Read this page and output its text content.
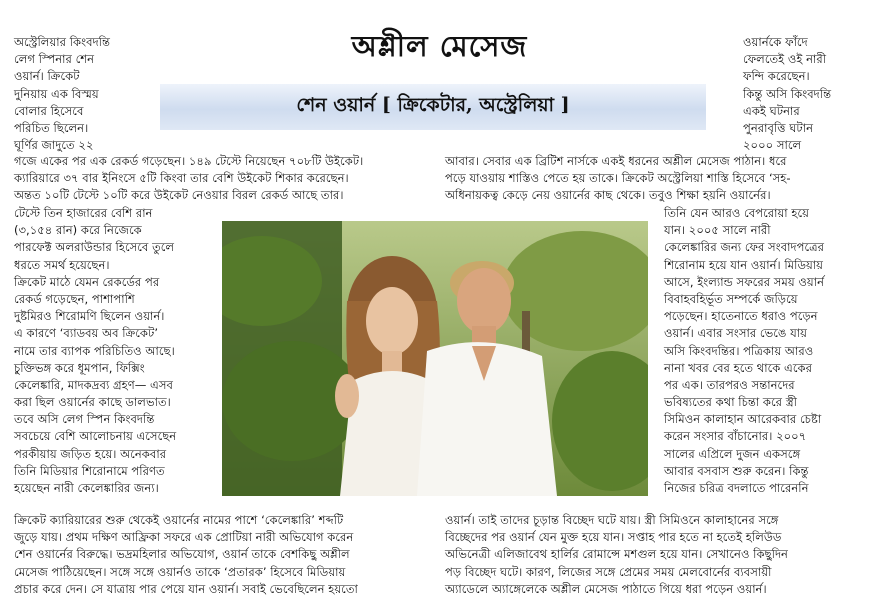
অশ্লীল মেসেজ
শেন ওয়ার্ন [ ক্রিকেটার, অস্ট্রেলিয়া ]
অস্ট্রেলিয়ার কিংবদন্তি
লেগ স্পিনার শেন
ওয়ার্ন। ক্রিকেট
দুনিয়ায় এক বিস্ময়
বোলার হিসেবে
পরিচিত ছিলেন।
ঘূর্ণির জাদুতে ২২
ওয়ার্নকে ফাঁদে
ফেলতেই ওই নারী
ফন্দি করেছেন।
কিন্তু অসি কিংবদন্তি
একই ঘটনার
পুনরাবৃত্তি ঘটান
২০০০ সালে
গজে একের পর এক রেকর্ড গড়েছেন। ১৪৯ টেস্টে নিয়েছেন ৭০৮টি উইকেট।
ক্যারিয়ারে ৩৭ বার ইনিংসে ৫টি কিংবা তার বেশি উইকেট শিকার করেছেন।
অন্তত ১০টি টেস্টে ১০টি করে উইকেট নেওয়ার বিরল রেকর্ড আছে তার।
টেস্টে তিন হাজারের বেশি রান
(৩,১৫৪ রান) করে নিজেকে
পারফেক্ট অলরাউন্ডার হিসেবে তুলে
ধরতে সমর্থ হয়েছেন।
ক্রিকেট মাঠে যেমন রেকর্ডের পর
রেকর্ড গড়েছেন, পাশাপাশি
দুষ্টমিরও শিরোমণি ছিলেন ওয়ার্ন।
এ কারণে ‘ব্যাডবয় অব ক্রিকেট’
নামে তার ব্যাপক পরিচিতিও আছে।
চুক্তিভঙ্গ করে ধূমপান, ফিক্সিং
কেলেঙ্কারি, মাদকদ্রব্য গ্রহণ— এসব
করা ছিল ওয়ার্নের কাছে ডালভাত।
তবে অসি লেগ স্পিন কিংবদন্তি
সবচেয়ে বেশি আলোচনায় এসেছেন
পরকীয়ায় জড়িত হয়ে। অনেকবার
তিনি মিডিয়ার শিরোনামে পরিণত
হয়েছেন নারী কেলেঙ্কারির জন্য।
ক্রিকেট ক্যারিয়ারের শুরু থেকেই ওয়ার্নের নামের পাশে ‘কেলেঙ্কারি’ শব্দটি
জুড়ে যায়। প্রথম দক্ষিণ আফ্রিকা সফরে এক প্রোটিয়া নারী অভিযোগ করেন
শেন ওয়ার্নের বিরুদ্ধে। ভদ্রমহিলার অভিযোগ, ওয়ার্ন তাকে বেশকিছু অশ্লীল
মেসেজ পাঠিয়েছেন। সঙ্গে সঙ্গে ওয়ার্নও তাকে ‘প্রতারক’ হিসেবে মিডিয়ায়
প্রচার করে দেন। সে যাত্রায় পার পেয়ে যান ওয়ার্ন। সবাই ভেবেছিলেন হয়তো
আবার। সেবার এক ব্রিটিশ নার্সকে একই ধরনের অশ্লীল মেসেজ পাঠান। ধরে
পড়ে যাওয়ায় শাস্তিও পেতে হয় তাকে। ক্রিকেট অস্ট্রেলিয়া শাস্তি হিসেবে ‘সহ-
অধিনায়কত্ব কেড়ে নেয় ওয়ার্নের কাছ থেকে। তবুও শিক্ষা হয়নি ওয়ার্নের।
তিনি যেন আরও বেপরোয়া হয়ে
যান। ২০০৫ সালে নারী
কেলেঙ্কারির জন্য ফের সংবাদপত্রের
শিরোনাম হয়ে যান ওয়ার্ন। মিডিয়ায়
আসে, ইংল্যান্ড সফরের সময় ওয়ার্ন
বিবাহবহির্ভূত সম্পর্কে জড়িয়ে
পড়েছেন। হাতেনাতে ধরাও পড়েন
ওয়ার্ন। এবার সংসার ভেঙে যায়
অসি কিংবদন্তির। পত্রিকায় আরও
নানা খবর বের হতে থাকে একের
পর এক। তারপরও সন্তানদের
ভবিষ্যতের কথা চিন্তা করে স্ত্রী
সিমিওন কালাহান আরেকবার চেষ্টা
করেন সংসার বাঁচানোর। ২০০৭
সালের এপ্রিলে দুজন একসঙ্গে
আবার বসবাস শুরু করেন। কিন্তু
নিজের চরিত্র বদলাতে পারেননি
ওয়ার্ন। তাই তাদের চূড়ান্ত বিচ্ছেদ ঘটে যায়। স্ত্রী সিমিওনে কালাহানের সঙ্গে
বিচ্ছেদের পর ওয়ার্ন যেন মুক্ত হয়ে যান। সপ্তাহ পার হতে না হতেই হলিউড
অভিনেত্রী এলিজাবেথ হার্লির রোমান্সে মশগুল হয়ে যান। সেখানেও কিছুদিন
পড় বিচ্ছেদ ঘটে। কারণ, লিজের সঙ্গে প্রেমের সময় মেলবোর্নের ব্যবসায়ী
অ্যাডেলে অ্যাঙ্গেলেকে অশ্লীল মেসেজ পাঠাতে গিয়ে ধরা পড়েন ওয়ার্ন।
